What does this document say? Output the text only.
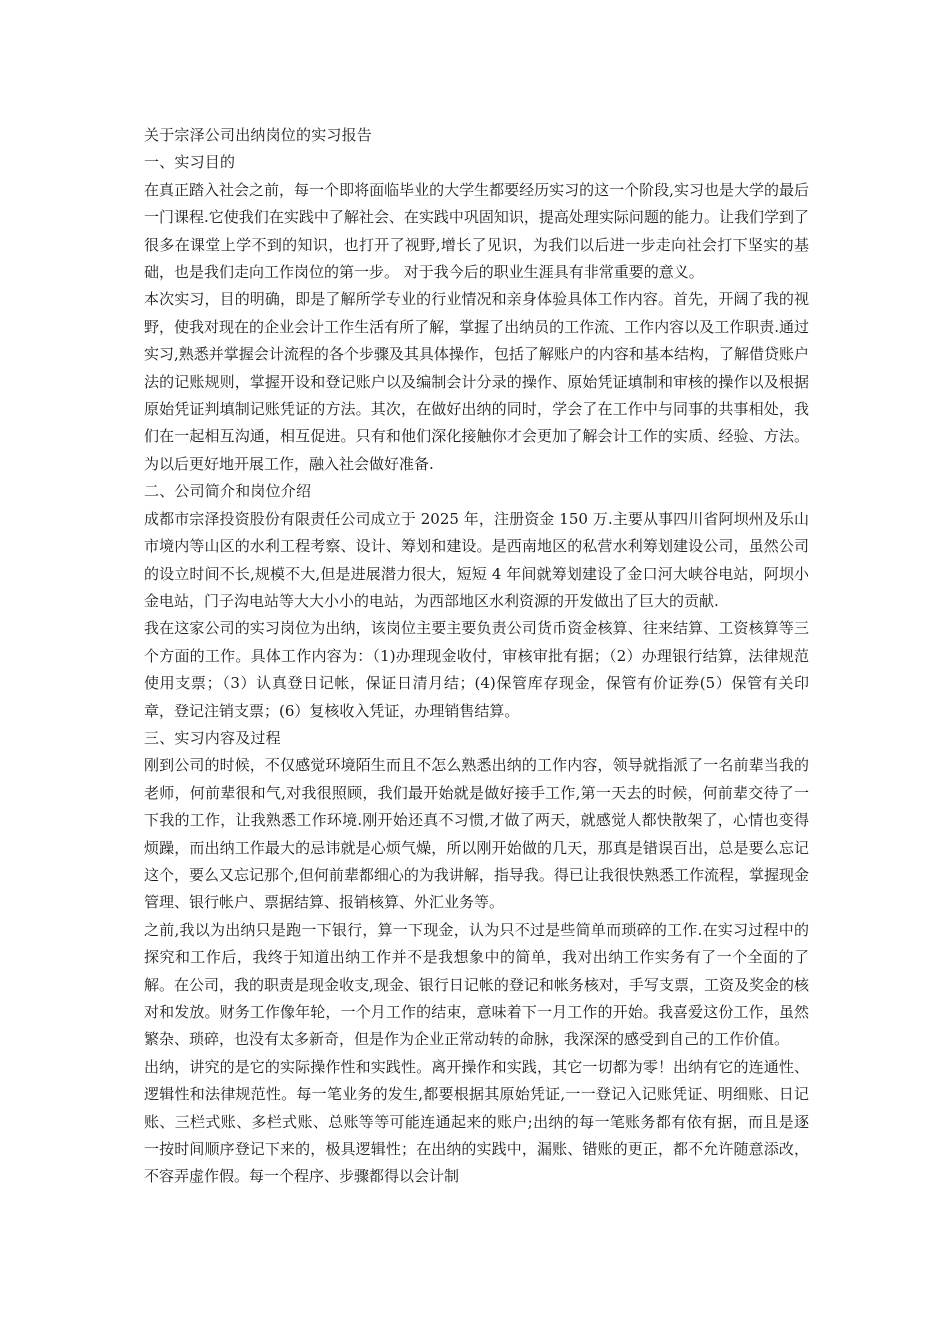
关于宗泽公司出纳岗位的实习报告

一、实习目的

在真正踏入社会之前，每一个即将面临毕业的大学生都要经历实习的这一个阶段,实习也是大学的最后一门课程.它使我们在实践中了解社会、在实践中巩固知识，提高处理实际问题的能力。让我们学到了很多在课堂上学不到的知识，也打开了视野,增长了见识，为我们以后进一步走向社会打下坚实的基础，也是我们走向工作岗位的第一步。 对于我今后的职业生涯具有非常重要的意义。

本次实习，目的明确，即是了解所学专业的行业情况和亲身体验具体工作内容。首先，开阔了我的视野，使我对现在的企业会计工作生活有所了解，掌握了出纳员的工作流、工作内容以及工作职责.通过实习,熟悉并掌握会计流程的各个步骤及其具体操作，包括了解账户的内容和基本结构，了解借贷账户法的记账规则，掌握开设和登记账户以及编制会计分录的操作、原始凭证填制和审核的操作以及根据原始凭证判填制记账凭证的方法。其次，在做好出纳的同时，学会了在工作中与同事的共事相处，我们在一起相互沟通，相互促进。只有和他们深化接触你才会更加了解会计工作的实质、经验、方法。为以后更好地开展工作，融入社会做好准备.

二、公司简介和岗位介绍

成都市宗泽投资股份有限责任公司成立于 2025 年，注册资金 150 万.主要从事四川省阿坝州及乐山市境内等山区的水利工程考察、设计、筹划和建设。是西南地区的私营水利筹划建设公司，虽然公司的设立时间不长,规模不大,但是进展潜力很大，短短 4 年间就筹划建设了金口河大峡谷电站，阿坝小金电站，门子沟电站等大大小小的电站，为西部地区水利资源的开发做出了巨大的贡献.

我在这家公司的实习岗位为出纳，该岗位主要主要负责公司货币资金核算、往来结算、工资核算等三个方面的工作。具体工作内容为：（1)办理现金收付，审核审批有据；（2）办理银行结算，法律规范使用支票；（3）认真登日记帐，保证日清月结；(4)保管库存现金，保管有价证券(5）保管有关印章，登记注销支票；(6）复核收入凭证，办理销售结算。

三、实习内容及过程

刚到公司的时候，不仅感觉环境陌生而且不怎么熟悉出纳的工作内容，领导就指派了一名前辈当我的老师，何前辈很和气,对我很照顾，我们最开始就是做好接手工作,第一天去的时候，何前辈交待了一下我的工作，让我熟悉工作环境.刚开始还真不习惯,才做了两天，就感觉人都快散架了，心情也变得烦躁，而出纳工作最大的忌讳就是心烦气燥，所以刚开始做的几天，那真是错误百出，总是要么忘记这个，要么又忘记那个,但何前辈都细心的为我讲解，指导我。得已让我很快熟悉工作流程，掌握现金管理、银行帐户、票据结算、报销核算、外汇业务等。

之前,我以为出纳只是跑一下银行，算一下现金，认为只不过是些简单而琐碎的工作.在实习过程中的探究和工作后，我终于知道出纳工作并不是我想象中的简单，我对出纳工作实务有了一个全面的了解。在公司，我的职责是现金收支,现金、银行日记帐的登记和帐务核对，手写支票，工资及奖金的核对和发放。财务工作像年轮，一个月工作的结束，意味着下一月工作的开始。我喜爱这份工作，虽然繁杂、琐碎，也没有太多新奇，但是作为企业正常动转的命脉，我深深的感受到自己的工作价值。

出纳，讲究的是它的实际操作性和实践性。离开操作和实践，其它一切都为零！出纳有它的连通性、逻辑性和法律规范性。每一笔业务的发生,都要根据其原始凭证,一一登记入记账凭证、明细账、日记账、三栏式账、多栏式账、总账等等可能连通起来的账户;出纳的每一笔账务都有依有据，而且是逐一按时间顺序登记下来的，极具逻辑性；在出纳的实践中，漏账、错账的更正，都不允许随意添改，不容弄虚作假。每一个程序、步骤都得以会计制
